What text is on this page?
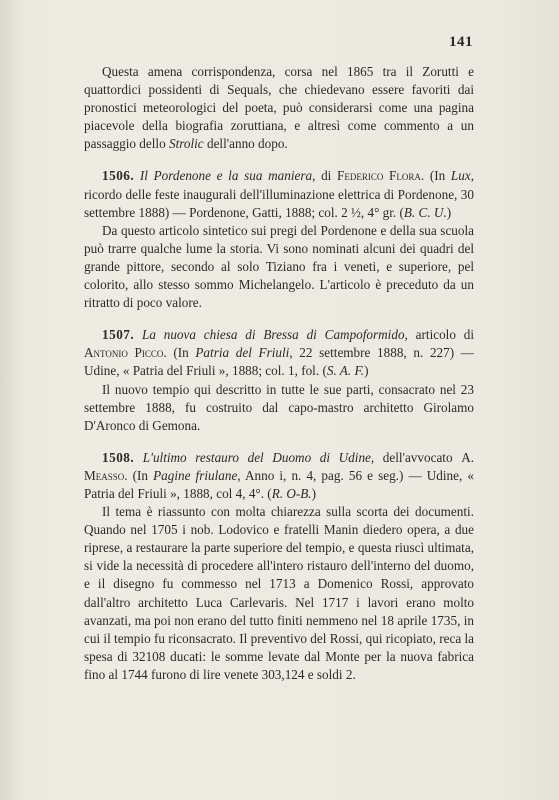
141

Questa amena corrispondenza, corsa nel 1865 tra il Zorutti e quattordici possidenti di Sequals, che chiedevano essere favoriti dai pronostici meteorologici del poeta, può considerarsi come una pagina piacevole della biografia zoruttiana, e altresì come commento a un passaggio dello Strolic dell'anno dopo.

1506. Il Pordenone e la sua maniera, di Federico Flora. (In Lux, ricordo delle feste inaugurali dell'illuminazione elettrica di Pordenone, 30 settembre 1888) — Pordenone, Gatti, 1888; col. 2 ½, 4° gr. (B. C. U.)

Da questo articolo sintetico sui pregi del Pordenone e della sua scuola può trarre qualche lume la storia. Vi sono nominati alcuni dei quadri del grande pittore, secondo al solo Tiziano fra i veneti, e superiore, pel colorito, allo stesso sommo Michelangelo. L'articolo è preceduto da un ritratto di poco valore.

1507. La nuova chiesa di Bressa di Campoformido, articolo di Antonio Picco. (In Patria del Friuli, 22 settembre 1888, n. 227) — Udine, « Patria del Friuli », 1888; col. 1, fol. (S. A. F.)

Il nuovo tempio qui descritto in tutte le sue parti, consacrato nel 23 settembre 1888, fu costruito dal capo-mastro architetto Girolamo D'Aronco di Gemona.

1508. L'ultimo restauro del Duomo di Udine, dell'avvocato A. Measso. (In Pagine friulane, Anno i, n. 4, pag. 56 e seg.) — Udine, « Patria del Friuli », 1888, col 4, 4°. (R. O-B.)

Il tema è riassunto con molta chiarezza sulla scorta dei documenti. Quando nel 1705 i nob. Lodovico e fratelli Manin diedero opera, a due riprese, a restaurare la parte superiore del tempio, e questa riuscì ultimata, si vide la necessità di procedere all'intero ristauro dell'interno del duomo, e il disegno fu commesso nel 1713 a Domenico Rossi, approvato dall'altro architetto Luca Carlevaris. Nel 1717 i lavori erano molto avanzati, ma poi non erano del tutto finiti nemmeno nel 18 aprile 1735, in cui il tempio fu riconsacrato. Il preventivo del Rossi, qui ricopiato, reca la spesa di 32108 ducati: le somme levate dal Monte per la nuova fabrica fino al 1744 furono di lire venete 303,124 e soldi 2.
